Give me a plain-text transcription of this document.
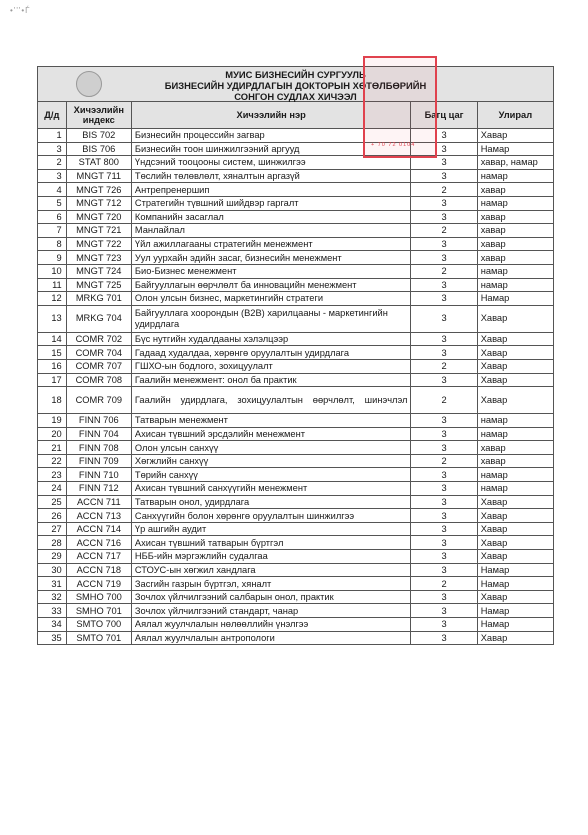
•'''•Ѓ
МУИС БИЗНЕСИЙН СУРГУУЛЬ
БИЗНЕСИЙН УДИРДЛАГЫН ДОКТОРЫН ХӨТӨЛБӨРИЙН
СОНГОН СУДЛАХ ХИЧЭЭЛ
Д/д	Хичээлийн индекс	Хичээлийн нэр	Багц цаг	Улирал
1	BIS 702	Бизнесийн процессийн загвар	3	Хавар
3	BIS 706	Бизнесийн тоон шинжилгээний аргууд	3	Намар
2	STAT 800	Үндсэний тооцооны систем, шинжилгээ	3	хавар, намар
3	MNGT 711	Төслийн төлөвлөлт, хяналтын аргазүй	3	намар
4	MNGT 726	Антрепренершип	2	хавар
5	MNGT 712	Стратегийн түвшний шийдвэр гаргалт	3	намар
6	MNGT 720	Компанийн засаглал	3	хавар
7	MNGT 721	Манлайлал	2	хавар
8	MNGT 722	Үйл ажиллагааны стратегийн менежмент	3	хавар
9	MNGT 723	Уул уурхайн эдийн засаг, бизнесийн менежмент	3	хавар
10	MNGT 724	Био-Бизнес менежмент	2	намар
11	MNGT 725	Байгууллагын өөрчлөлт ба инновацийн менежмент	3	намар
12	MRKG 701	Олон улсын бизнес, маркетингийн стратеги	3	Намар
13	MRKG 704	Байгууллага хоорондын (B2B) харилцааны - маркетингийн удирдлага	3	Хавар
14	COMR 702	Бүс нутгийн худалдааны хэлэлцээр	3	Хавар
15	COMR 704	Гадаад худалдаа, хөрөнгө оруулалтын удирдлага	3	Хавар
16	COMR 707	ГШХО-ын бодлого, зохицуулалт	2	Хавар
17	COMR 708	Гаалийн менежмент: онол ба практик	3	Хавар
18	COMR 709	Гаалийн удирдлага, зохицуулалтын өөрчлөлт, шинэчлэл	2	Хавар
19	FINN 706	Татварын менежмент	3	намар
20	FINN 704	Ахисан түвшний эрсдэлийн менежмент	3	намар
21	FINN 708	Олон улсын санхүү	3	хавар
22	FINN 709	Хөгжлийн санхүү	2	хавар
23	FINN 710	Төрийн санхүү	3	намар
24	FINN 712	Ахисан түвшний санхүүгийн менежмент	3	намар
25	ACCN 711	Татварын онол, удирдлага	3	Хавар
26	ACCN 713	Санхүүгийн болон хөрөнгө оруулалтын шинжилгээ	3	Хавар
27	ACCN 714	Үр ашгийн аудит	3	Хавар
28	ACCN 716	Ахисан түвшний татварын бүртгэл	3	Хавар
29	ACCN 717	НББ-ийн мэргэжлийн судалгаа	3	Хавар
30	ACCN 718	СТОУС-ын хөгжил хандлага	3	Намар
31	ACCN 719	Засгийн газрын бүртгэл, хяналт	2	Намар
32	SMHO 700	Зочлох үйлчилгээний салбарын онол, практик	3	Хавар
33	SMHO 701	Зочлох үйлчилгээний стандарт, чанар	3	Намар
34	SMTO 700	Аялал жуулчлалын нөлөөллийн үнэлгээ	3	Намар
35	SMTO 701	Аялал жуулчлалын антропологи	3	Хавар
+ 70 72 0104
